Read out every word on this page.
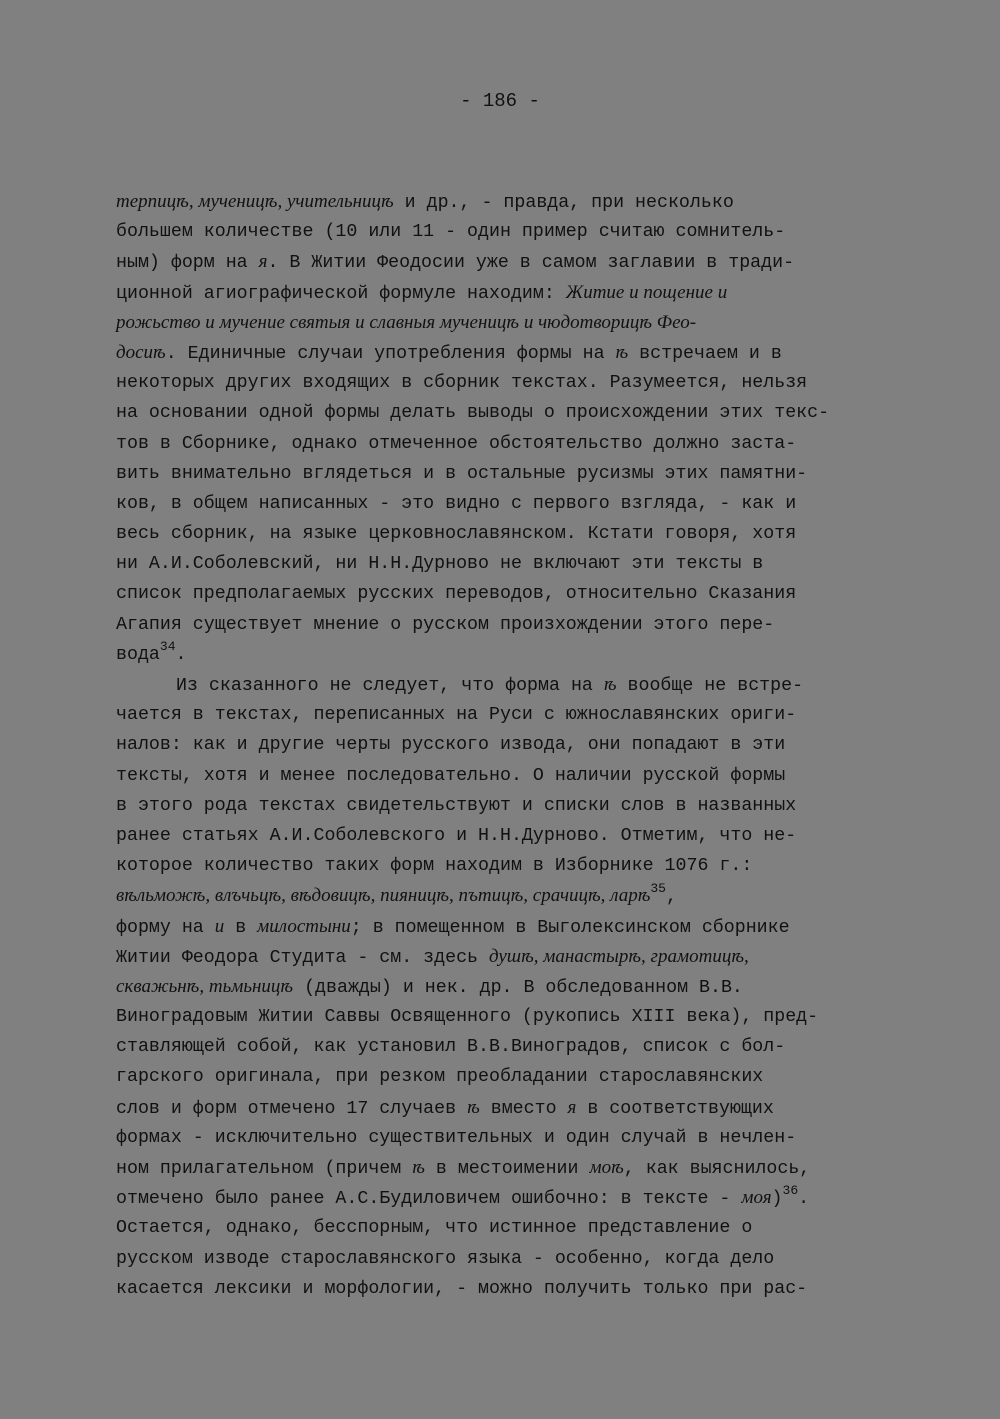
- 186 -
терпицѣ, мученицѣ, учительницѣ и др., - правда, при несколько
большем количестве (10 или 11 - один пример считаю сомнитель-
ным) форм на я. В Житии Феодосии уже в самом заглавии в тради-
ционной агиографической формуле находим: Житие и пощение и
рожьство и мучение святыя и славныя мученицѣ и чюдотворицѣ Фео-
досиѣ. Единичные случаи употребления формы на ѣ встречаем и в
некоторых других входящих в сборник текстах. Разумеется, нельзя
на основании одной формы делать выводы о происхождении этих текс-
тов в Сборнике, однако отмеченное обстоятельство должно заста-
вить внимательно вглядеться и в остальные русизмы этих памятни-
ков, в общем написанных - это видно с первого взгляда, - как и
весь сборник, на языке церковнославянском. Кстати говоря, хотя
ни А.И.Соболевский, ни Н.Н.Дурново не включают эти тексты в
список предполагаемых русских переводов, относительно Сказания
Агапия существует мнение о русском произхождении этого пере-
вода$^{34}$.
Из сказанного не следует, что форма на ѣ вообще не встре-
чается в текстах, переписанных на Руси с южнославянских ориги-
налов: как и другие черты русского извода, они попадают в эти
тексты, хотя и менее последовательно. О наличии русской формы
в этого рода текстах свидетельствуют и списки слов в названных
ранее статьях А.И.Соболевского и Н.Н.Дурново. Отметим, что не-
которое количество таких форм находим в Изборнике 1076 г.:
вѣльможѣ, влъчьцѣ, вѣдовицѣ, пияницѣ, пътицѣ, срачицѣ, ларѣ$^{35}$,
форму на и в милостыни; в помещенном в Выголексинском сборнике
Житии Феодора Студита - см. здесь душѣ, манастырѣ, грамотицѣ,
скважьнѣ, тьмьницѣ (дважды) и нек. др. В обследованном В.В.
Виноградовым Житии Саввы Освященного (рукопись XIII века), пред-
ставляющей собой, как установил В.В.Виноградов, список с бол-
гарского оригинала, при резком преобладании старославянских
слов и форм отмечено 17 случаев ѣ вместо я в соответствующих
формах - исключительно существительных и один случай в нечлен-
ном прилагательном (причем ѣ в местоимении моѣ, как выяснилось,
отмечено было ранее А.С.Будиловичем ошибочно: в тексте - моя)$^{36}$.
Остается, однако, бесспорным, что истинное представление о
русском изводе старославянского языка - особенно, когда дело
касается лексики и морфологии, - можно получить только при рас-
